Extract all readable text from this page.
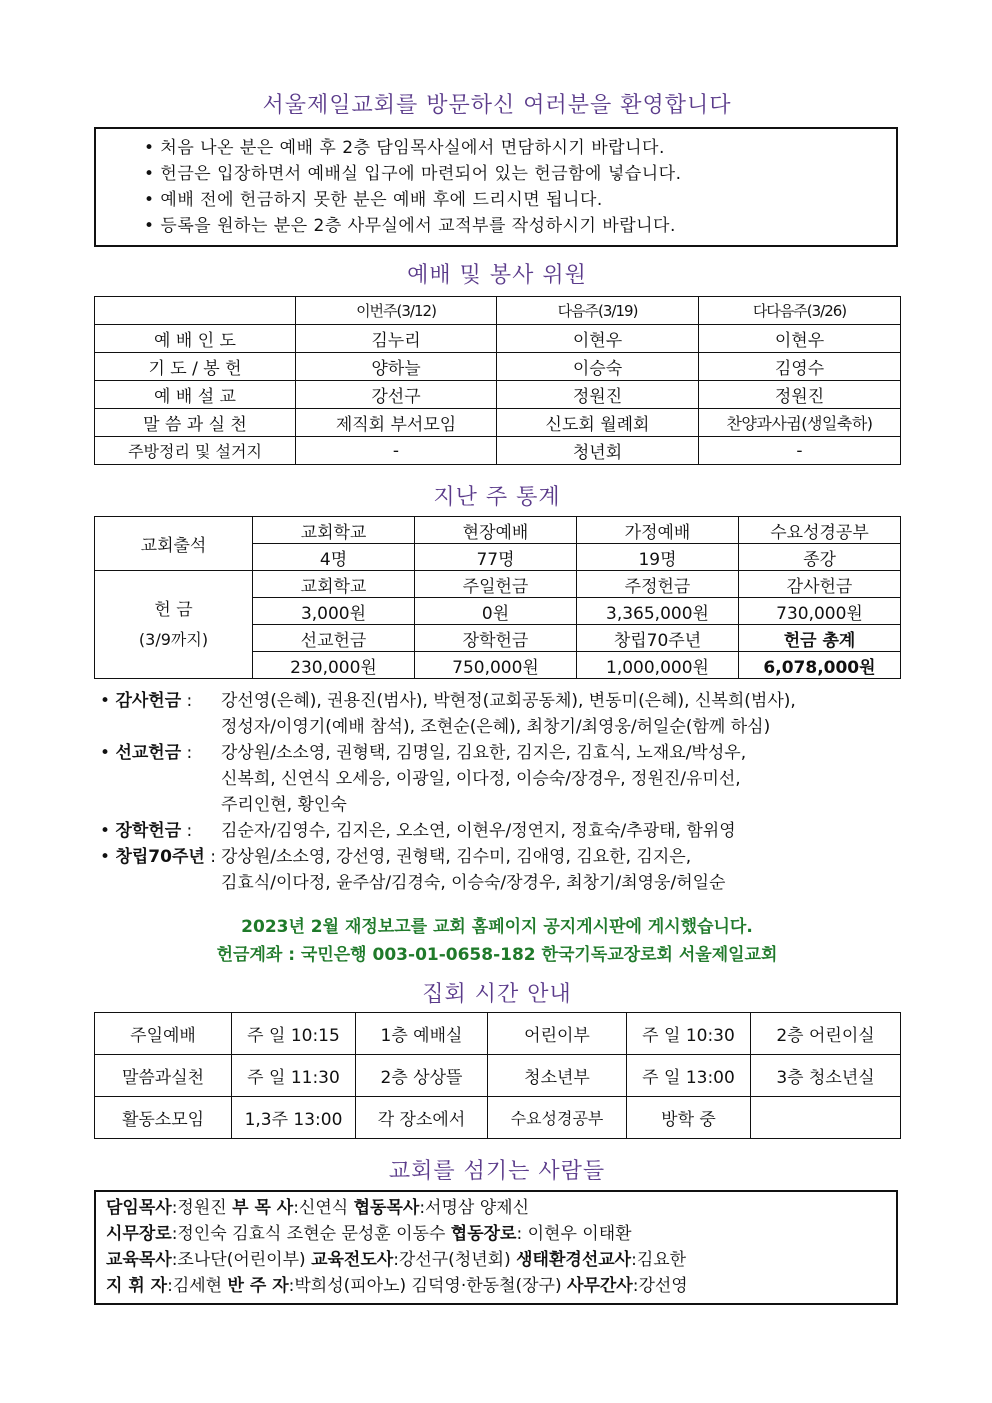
서울제일교회를 방문하신 여러분을 환영합니다
• 처음 나온 분은 예배 후 2층 담임목사실에서 면담하시기 바랍니다.
• 헌금은 입장하면서 예배실 입구에 마련되어 있는 헌금함에 넣습니다.
• 예배 전에 헌금하지 못한 분은 예배 후에 드리시면 됩니다.
• 등록을 원하는 분은 2층 사무실에서 교적부를 작성하시기 바랍니다.
예배 및 봉사 위원
	이번주(3/12)	다음주(3/19)	다다음주(3/26)
예 배 인 도	김누리	이현우	이현우
기 도 / 봉 헌	양하늘	이승숙	김영수
예 배 설 교	강선구	정원진	정원진
말 씀 과 실 천	제직회 부서모임	신도회 월례회	찬양과사귐(생일축하)
주방정리 및 설거지	-	청년회	-
지난 주 통계
교회출석	교회학교	현장예배	가정예배	수요성경공부
	4명	77명	19명	종강

헌 금
(3/9까지)	교회학교	주일헌금	주정헌금	감사헌금
	3,000원	0원	3,365,000원	730,000원
	선교헌금	장학헌금	창립70주년	헌금 총계
	230,000원	750,000원	1,000,000원	6,078,000원
• 감사헌금 :	강선영(은혜), 권용진(범사), 박현정(교회공동체), 변동미(은혜), 신복희(범사),
정성자/이영기(예배 참석), 조현순(은혜), 최창기/최영웅/허일순(함께 하심)
• 선교헌금 :	강상원/소소영, 권형택, 김명일, 김요한, 김지은, 김효식, 노재요/박성우,
신복희, 신연식 오세응, 이광일, 이다정, 이승숙/장경우, 정원진/유미선,
주리인현, 황인숙
• 장학헌금 :	김순자/김영수, 김지은, 오소연, 이현우/정연지, 정효숙/추광태, 함위영
• 창립70주년 : 강상원/소소영, 강선영, 권형택, 김수미, 김애영, 김요한, 김지은,
김효식/이다정, 윤주삼/김경숙, 이승숙/장경우, 최창기/최영웅/허일순
2023년 2월 재정보고를 교회 홈페이지 공지게시판에 게시했습니다.
헌금계좌 : 국민은행 003-01-0658-182 한국기독교장로회 서울제일교회
집회 시간 안내
주일예배	주 일 10:15	1층 예배실	어린이부	주 일 10:30	2층 어린이실
말씀과실천	주 일 11:30	2층 상상뜰	청소년부	주 일 13:00	3층 청소년실
활동소모임	1,3주 13:00	각 장소에서	수요성경공부	방학 중	
교회를 섬기는 사람들
담임목사:정원진 부 목 사:신연식 협동목사:서명삼 양제신
시무장로:정인숙 김효식 조현순 문성훈 이동수 협동장로: 이현우 이태환
교육목사:조나단(어린이부) 교육전도사:강선구(청년회) 생태환경선교사:김요한
지 휘 자:김세현 반 주 자:박희성(피아노) 김덕영·한동철(장구) 사무간사:강선영
